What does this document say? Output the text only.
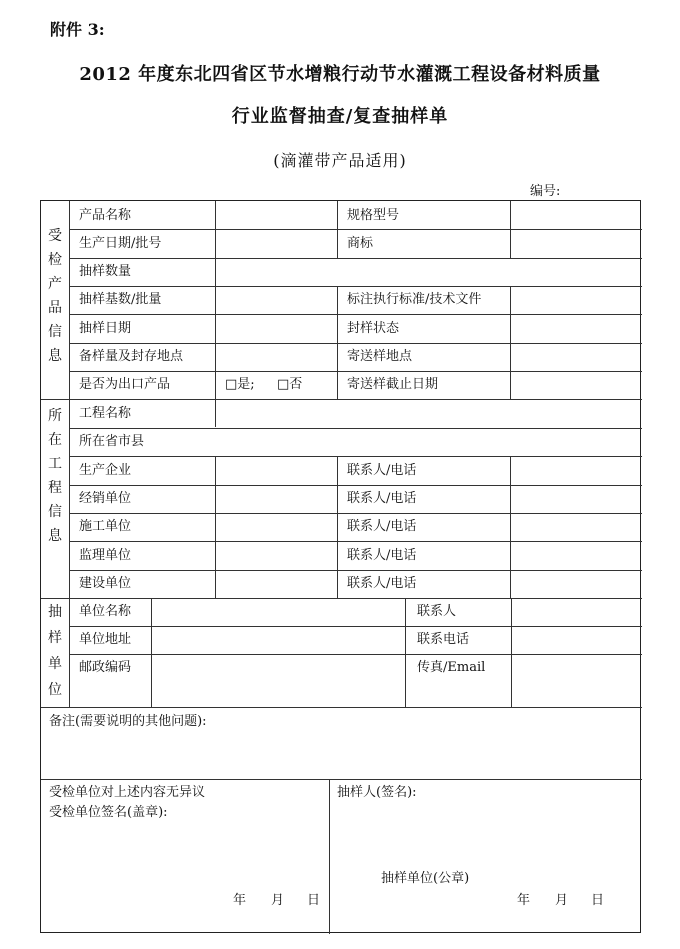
附件 3:
2012 年度东北四省区节水增粮行动节水灌溉工程设备材料质量
行业监督抽查/复查抽样单
(滴灌带产品适用)
编号:
受
检
产
品
信
息
产品名称	规格型号
生产日期/批号	商标
抽样数量
抽样基数/批量	标注执行标准/技术文件
抽样日期	封样状态
备样量及封存地点	寄送样地点
是否为出口产品	□是; □否	寄送样截止日期
所
在
工
程
信
息
工程名称
所在省市县
生产企业	联系人/电话
经销单位	联系人/电话
施工单位	联系人/电话
监理单位	联系人/电话
建设单位	联系人/电话
抽
样
单
位
单位名称	联系人
单位地址	联系电话
邮政编码	传真/Email
备注(需要说明的其他问题):
受检单位对上述内容无异议
受检单位签名(盖章):
年 月 日
抽样人(签名):
抽样单位(公章)
年 月 日
